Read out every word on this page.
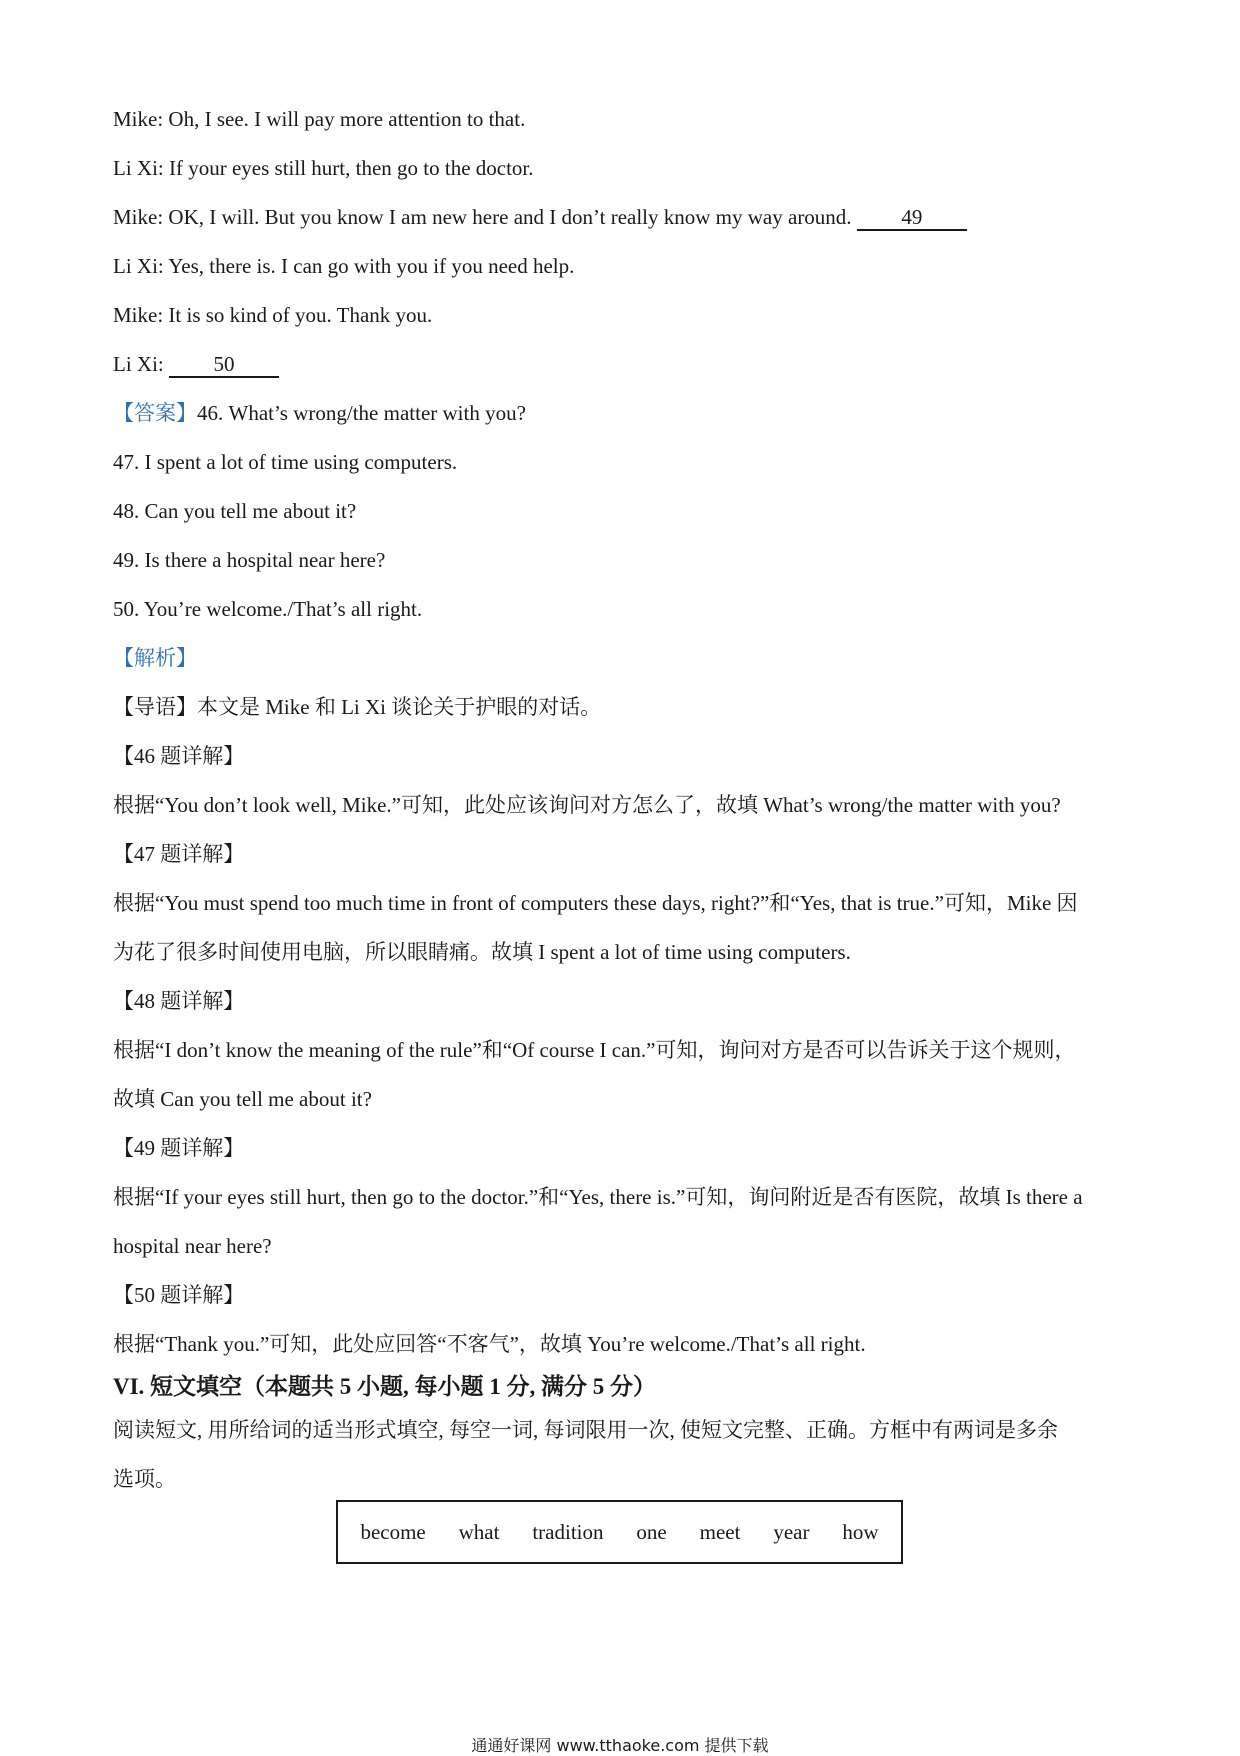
Mike: Oh, I see. I will pay more attention to that.
Li Xi: If your eyes still hurt, then go to the doctor.
Mike: OK, I will. But you know I am new here and I don’t really know my way around. 49
Li Xi: Yes, there is. I can go with you if you need help.
Mike: It is so kind of you. Thank you.
Li Xi: 50
【答案】46. What’s wrong/the matter with you?
47. I spent a lot of time using computers.
48. Can you tell me about it?
49. Is there a hospital near here?
50. You’re welcome./That’s all right.
【解析】
【导语】本文是 Mike 和 Li Xi 谈论关于护眼的对话。
【46 题详解】
根据“You don’t look well, Mike.”可知，此处应该询问对方怎么了，故填 What’s wrong/the matter with you?
【47 题详解】
根据“You must spend too much time in front of computers these days, right?”和“Yes, that is true.”可知，Mike 因
为花了很多时间使用电脑，所以眼睛痛。故填 I spent a lot of time using computers.
【48 题详解】
根据“I don’t know the meaning of the rule”和“Of course I can.”可知，询问对方是否可以告诉关于这个规则，
故填 Can you tell me about it?
【49 题详解】
根据“If your eyes still hurt, then go to the doctor.”和“Yes, there is.”可知，询问附近是否有医院，故填 Is there a
hospital near here?
【50 题详解】
根据“Thank you.”可知，此处应回答“不客气”，故填 You’re welcome./That’s all right.
VI. 短文填空（本题共 5 小题, 每小题 1 分, 满分 5 分）
阅读短文, 用所给词的适当形式填空, 每空一词, 每词限用一次, 使短文完整、正确。方框中有两词是多余
选项。
become what tradition one meet year how
通通好课网 www.tthaoke.com 提供下载
